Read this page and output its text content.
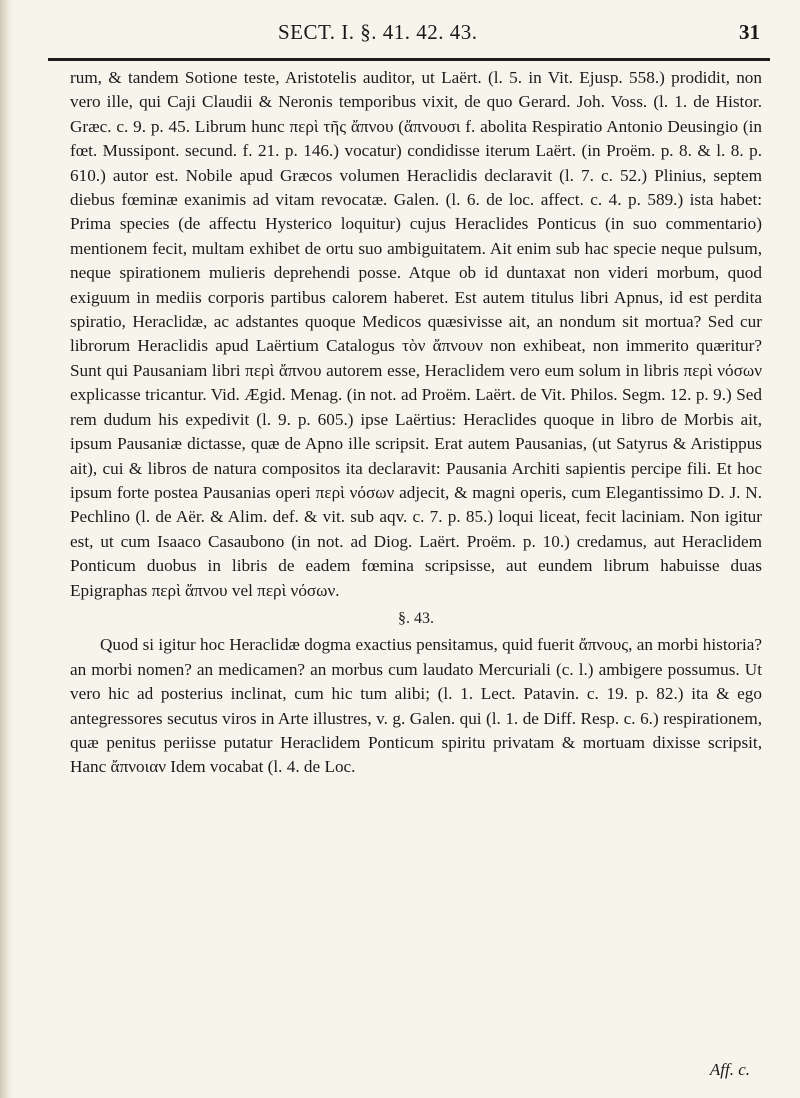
SECT. I. §. 41. 42. 43.	31

rum, & tandem Sotione teste, Aristotelis auditor, ut Laërt. (l. 5. in Vit. Ejusp. 558.) prodidit, non vero ille, qui Caji Claudii & Neronis temporibus vixit, de quo Gerard. Joh. Voss. (l. 1. de Histor. Græc. c. 9. p. 45. Librum hunc περὶ τῆς ἄπνου (ἄπνουσι f. abolita Respiratio Antonio Deusingio (in fœt. Mussipont. secund. f. 21. p. 146.) vocatur) condidisse iterum Laërt. (in Proëm. p. 8. & l. 8. p. 610.) autor est. Nobile apud Græcos volumen Heraclidis declaravit (l. 7. c. 52.) Plinius, septem diebus fœminæ exanimis ad vitam revocatæ. Galen. (l. 6. de loc. affect. c. 4. p. 589.) ista habet: Prima species (de affectu Hysterico loquitur) cujus Heraclides Ponticus (in suo commentario) mentionem fecit, multam exhibet de ortu suo ambiguitatem. Ait enim sub hac specie neque pulsum, neque spirationem mulieris deprehendi posse. Atque ob id duntaxat non videri morbum, quod exiguum in mediis corporis partibus calorem haberet. Est autem titulus libri Apnus, id est perdita spiratio, Heraclidæ, ac adstantes quoque Medicos quæsivisse ait, an nondum sit mortua? Sed cur librorum Heraclidis apud Laërtium Catalogus τὸν ἄπνουν non exhibeat, non immerito quæritur? Sunt qui Pausaniam libri περὶ ἄπνου autorem esse, Heraclidem vero eum solum in libris περὶ νόσων explicasse tricantur. Vid. Ægid. Menag. (in not. ad Proëm. Laërt. de Vit. Philos. Segm. 12. p. 9.) Sed rem dudum his expedivit (l. 9. p. 605.) ipse Laërtius: Heraclides quoque in libro de Morbis ait, ipsum Pausaniæ dictasse, quæ de Apno ille scripsit. Erat autem Pausanias, (ut Satyrus & Aristippus ait), cui & libros de natura compositos ita declaravit: Pausania Architi sapientis percipe fili. Et hoc ipsum forte postea Pausanias operi περὶ νόσων adjecit, & magni operis, cum Elegantissimo D. J. N. Pechlino (l. de Aër. & Alim. def. & vit. sub aqv. c. 7. p. 85.) loqui liceat, fecit laciniam. Non igitur est, ut cum Isaaco Casaubono (in not. ad Diog. Laërt. Proëm. p. 10.) credamus, aut Heraclidem Ponticum duobus in libris de eadem fœmina scripsisse, aut eundem librum habuisse duas Epigraphas περὶ ἄπνου vel περὶ νόσων.

§. 43.

Quod si igitur hoc Heraclidæ dogma exactius pensitamus, quid fuerit ἄπνους, an morbi historia? an morbi nomen? an medicamen? an morbus cum laudato Mercuriali (c. l.) ambigere possumus. Ut vero hic ad posterius inclinat, cum hic tum alibi; (l. 1. Lect. Patavin. c. 19. p. 82.) ita & ego antegressores secutus viros in Arte illustres, v. g. Galen. qui (l. 1. de Diff. Resp. c. 6.) respirationem, quæ penitus periisse putatur Heraclidem Ponticum spiritu privatam & mortuam dixisse scripsit, Hanc ἄπνοιαν Idem vocabat (l. 4. de Loc.

Aff. c.
